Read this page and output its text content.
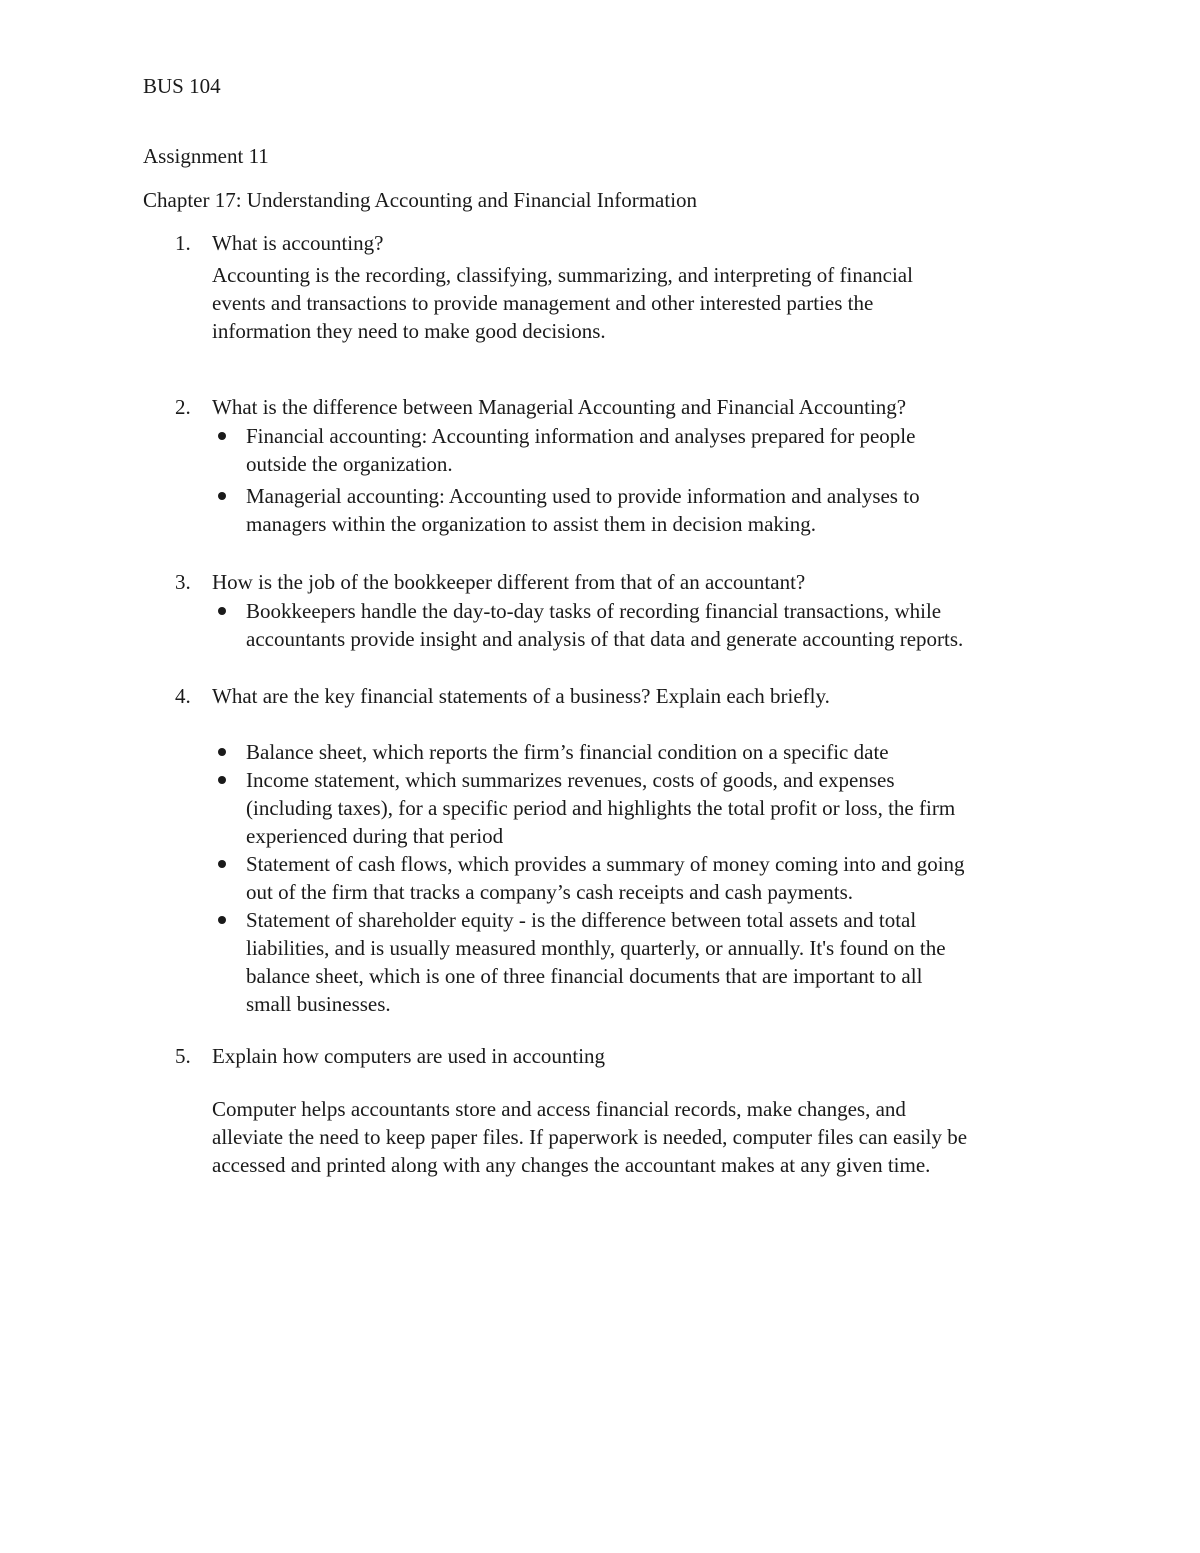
BUS 104
Assignment 11
Chapter 17: Understanding Accounting and Financial Information
1.	What is accounting?
Accounting is the recording, classifying, summarizing, and interpreting of financial
events and transactions to provide management and other interested parties the
information they need to make good decisions.
2.	What is the difference between Managerial Accounting and Financial Accounting?
Financial accounting: Accounting information and analyses prepared for people
outside the organization.
Managerial accounting: Accounting used to provide information and analyses to
managers within the organization to assist them in decision making.
3.	How is the job of the bookkeeper different from that of an accountant?
Bookkeepers handle the day-to-day tasks of recording financial transactions, while
accountants provide insight and analysis of that data and generate accounting reports.
4.	What are the key financial statements of a business? Explain each briefly.
Balance sheet, which reports the firm’s financial condition on a specific date
Income statement, which summarizes revenues, costs of goods, and expenses
(including taxes), for a specific period and highlights the total profit or loss, the firm
experienced during that period
Statement of cash flows, which provides a summary of money coming into and going
out of the firm that tracks a company’s cash receipts and cash payments.
Statement of shareholder equity - is the difference between total assets and total
liabilities, and is usually measured monthly, quarterly, or annually. It's found on the
balance sheet, which is one of three financial documents that are important to all
small businesses.
5.	Explain how computers are used in accounting
Computer helps accountants store and access financial records, make changes, and
alleviate the need to keep paper files. If paperwork is needed, computer files can easily be
accessed and printed along with any changes the accountant makes at any given time.
